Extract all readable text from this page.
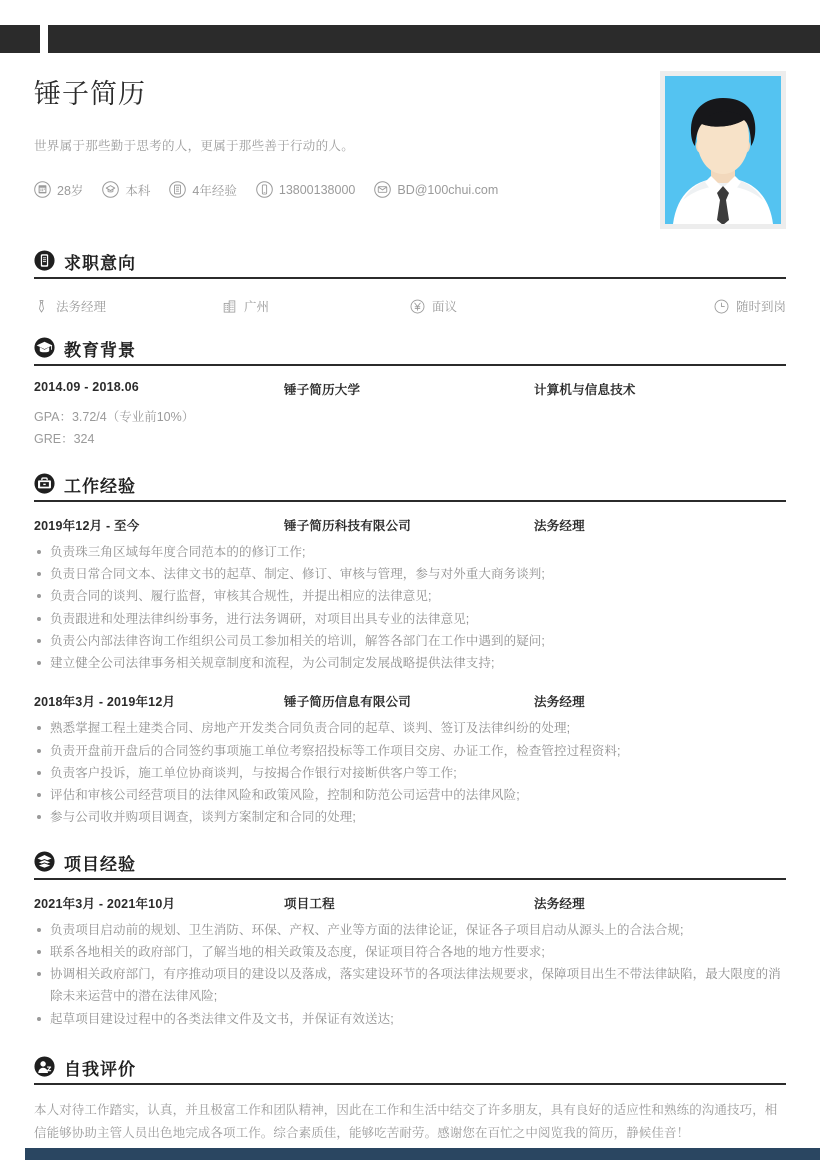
锤子简历
世界属于那些勤于思考的人，更属于那些善于行动的人。
28岁	本科	4年经验	13800138000	BD@100chui.com
求职意向
法务经理	广州	面议	随时到岗
教育背景
2014.09 - 2018.06	锤子简历大学	计算机与信息技术
GPA：3.72/4（专业前10%）
GRE：324
工作经验
2019年12月 - 至今	锤子简历科技有限公司	法务经理
负责珠三角区域每年度合同范本的的修订工作;
负责日常合同文本、法律文书的起草、制定、修订、审核与管理，参与对外重大商务谈判;
负责合同的谈判、履行监督，审核其合规性，并提出相应的法律意见;
负责跟进和处理法律纠纷事务，进行法务调研，对项目出具专业的法律意见;
负责公内部法律咨询工作组织公司员工参加相关的培训，解答各部门在工作中遇到的疑问;
建立健全公司法律事务相关规章制度和流程，为公司制定发展战略提供法律支持;
2018年3月 - 2019年12月	锤子简历信息有限公司	法务经理
熟悉掌握工程土建类合同、房地产开发类合同负责合同的起草、谈判、签订及法律纠纷的处理;
负责开盘前开盘后的合同签约事项施工单位考察招投标等工作项目交房、办证工作，检查管控过程资料;
负责客户投诉，施工单位协商谈判，与按揭合作银行对接断供客户等工作;
评估和审核公司经营项目的法律风险和政策风险，控制和防范公司运营中的法律风险;
参与公司收并购项目调查，谈判方案制定和合同的处理;
项目经验
2021年3月 - 2021年10月	项目工程	法务经理
负责项目启动前的规划、卫生消防、环保、产权、产业等方面的法律论证，保证各子项目启动从源头上的合法合规;
联系各地相关的政府部门，了解当地的相关政策及态度，保证项目符合各地的地方性要求;
协调相关政府部门，有序推动项目的建设以及落成，落实建设环节的各项法律法规要求，保障项目出生不带法律缺陷，最大限度的消除未来运营中的潜在法律风险;
起草项目建设过程中的各类法律文件及文书，并保证有效送达;
自我评价
本人对待工作踏实，认真，并且极富工作和团队精神，因此在工作和生活中结交了许多朋友，具有良好的适应性和熟练的沟通技巧，相信能够协助主管人员出色地完成各项工作。综合素质佳，能够吃苦耐劳。感谢您在百忙之中阅览我的简历，静候佳音！
